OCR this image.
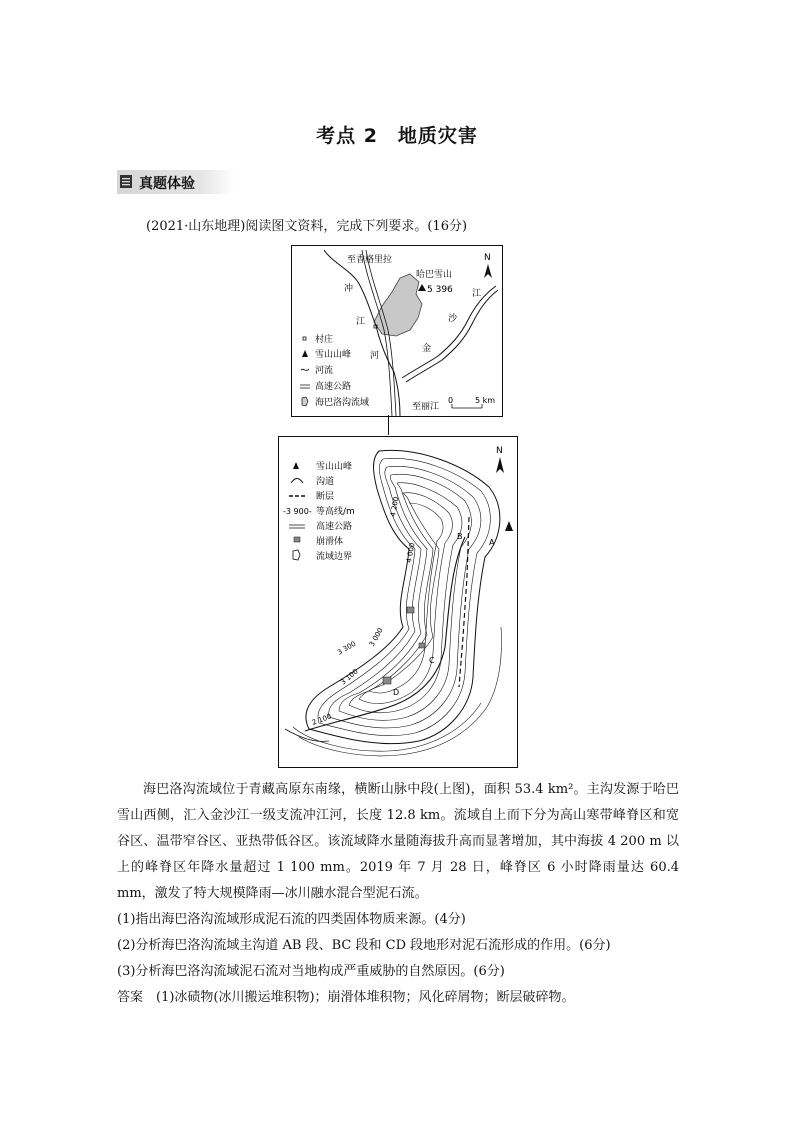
考点 2　地质灾害
真题体验
(2021·山东地理)阅读图文资料，完成下列要求。(16分)
N
至香格里拉
哈巴雪山
5 396
冲
江
河
金
沙
江
至丽江
0	5 km
村庄
雪山山峰
河流
高速公路
海巴洛沟流域
A
B
C
D
4 200
4 000
3 300
3 100
3 000
2 100
N
雪山山峰
沟道
断层
-3 900- 等高线/m
高速公路
崩滑体
流域边界

海巴洛沟流域位于青藏高原东南缘，横断山脉中段(上图)，面积 53.4 km²。主沟发源于哈巴雪山西侧，汇入金沙江一级支流冲江河，长度 12.8 km。流域自上而下分为高山寒带峰脊区和宽谷区、温带窄谷区、亚热带低谷区。该流域降水量随海拔升高而显著增加，其中海拔 4 200 m 以上的峰脊区年降水量超过 1 100 mm。2019 年 7 月 28 日，峰脊区 6 小时降雨量达 60.4 mm，激发了特大规模降雨—冰川融水混合型泥石流。

(1)指出海巴洛沟流域形成泥石流的四类固体物质来源。(4分)

(2)分析海巴洛沟流域主沟道 AB 段、BC 段和 CD 段地形对泥石流形成的作用。(6分)

(3)分析海巴洛沟流域泥石流对当地构成严重威胁的自然原因。(6分)

答案　(1)冰碛物(冰川搬运堆积物)；崩滑体堆积物；风化碎屑物；断层破碎物。
